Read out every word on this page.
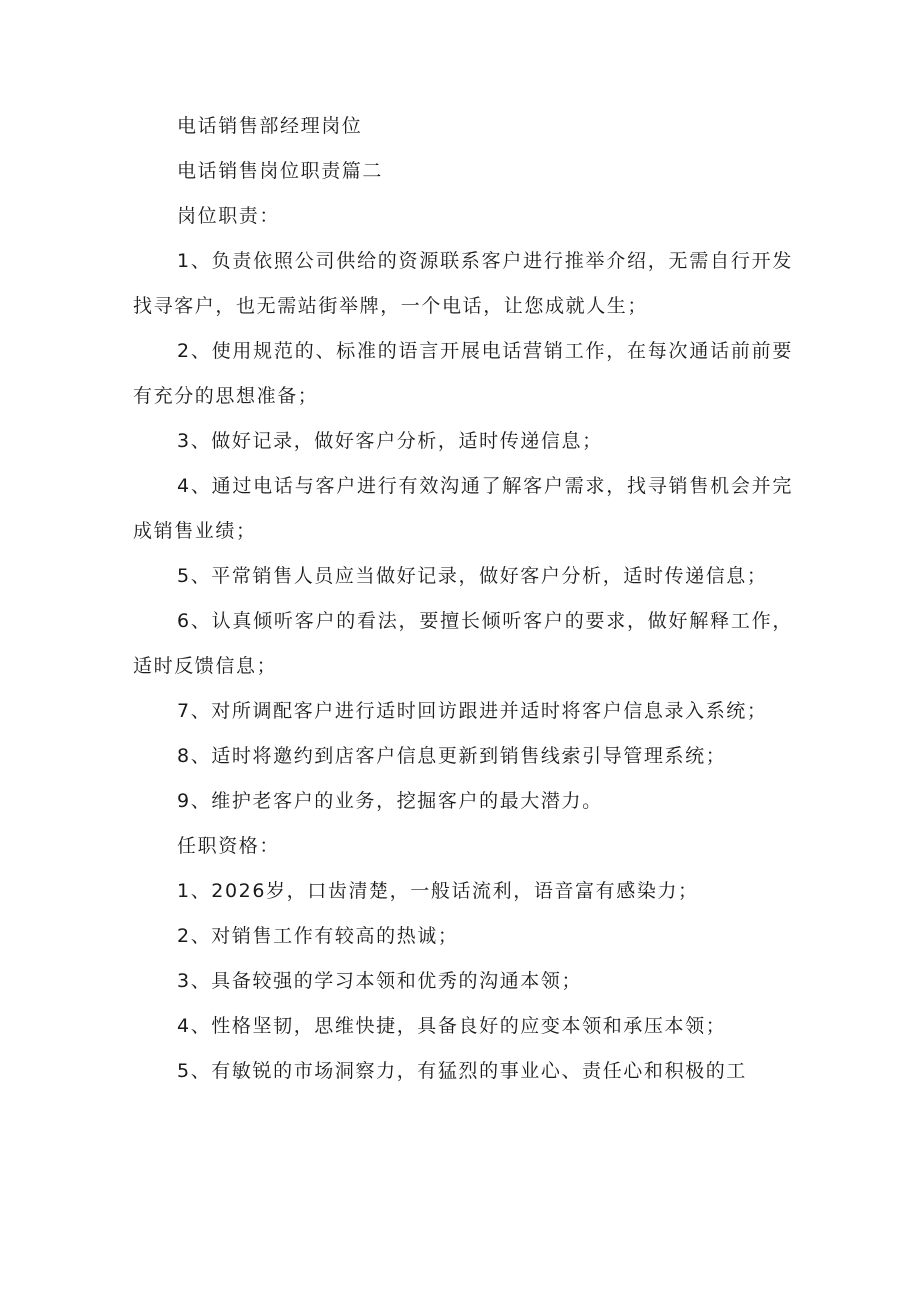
电话销售部经理岗位

电话销售岗位职责篇二

岗位职责：

1、负责依照公司供给的资源联系客户进行推举介绍，无需自行开发找寻客户，也无需站街举牌，一个电话，让您成就人生；

2、使用规范的、标准的语言开展电话营销工作，在每次通话前前要有充分的思想准备；

3、做好记录，做好客户分析，适时传递信息；

4、通过电话与客户进行有效沟通了解客户需求，找寻销售机会并完成销售业绩；

5、平常销售人员应当做好记录，做好客户分析，适时传递信息；

6、认真倾听客户的看法，要擅长倾听客户的要求，做好解释工作，适时反馈信息；

7、对所调配客户进行适时回访跟进并适时将客户信息录入系统；

8、适时将邀约到店客户信息更新到销售线索引导管理系统；

9、维护老客户的业务，挖掘客户的最大潜力。

任职资格：

1、2026岁，口齿清楚，一般话流利，语音富有感染力；

2、对销售工作有较高的热诚；

3、具备较强的学习本领和优秀的沟通本领；

4、性格坚韧，思维快捷，具备良好的应变本领和承压本领；

5、有敏锐的市场洞察力，有猛烈的事业心、责任心和积极的工
